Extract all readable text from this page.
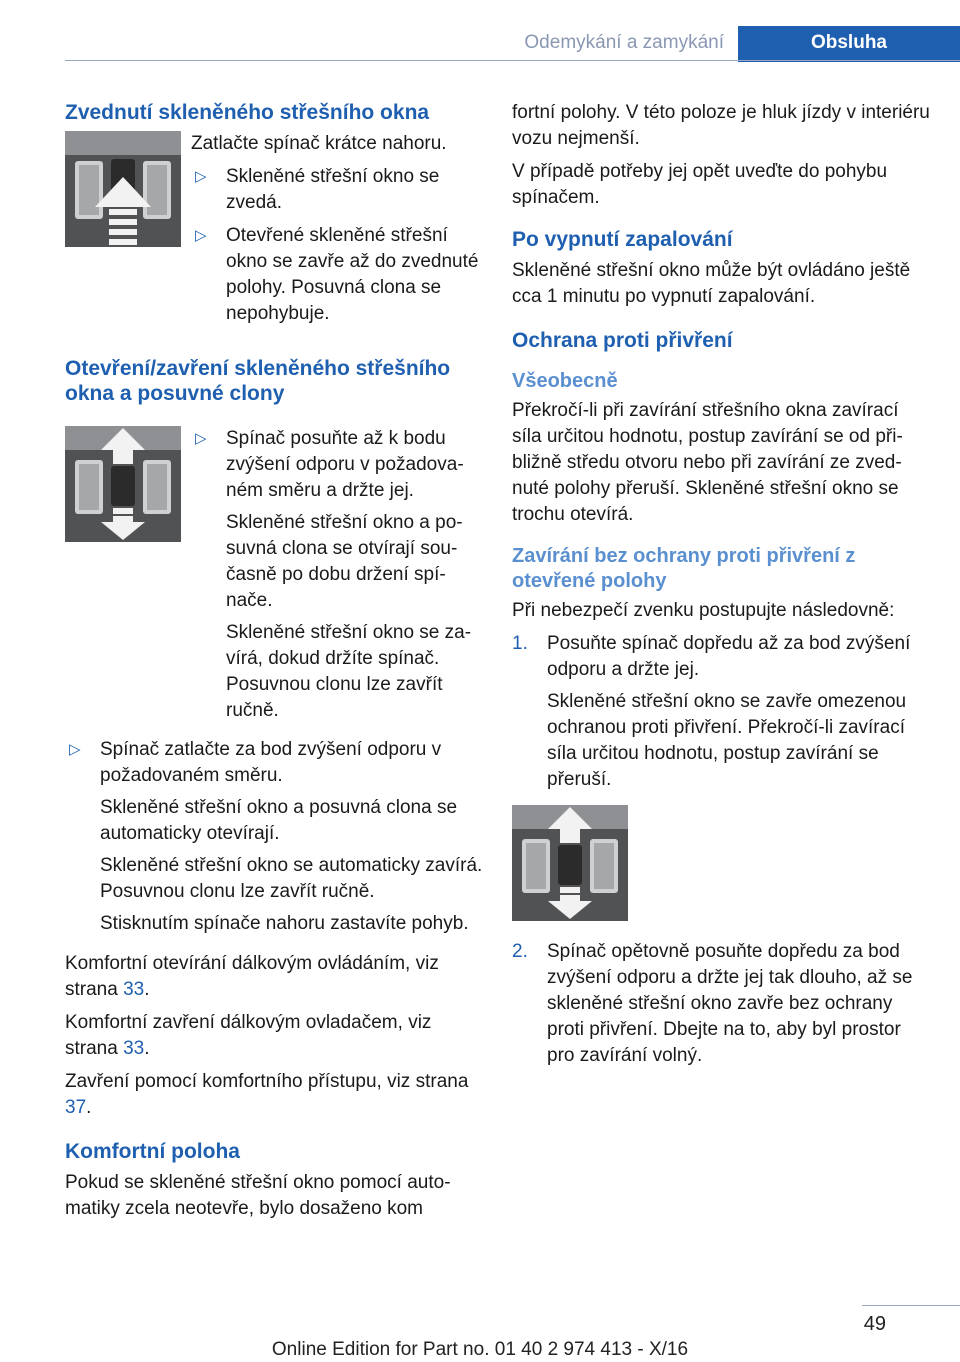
Odemykání a zamykání	Obsluha
Zvednutí skleněného střešního okna

Zatlačte spínač krátce nahoru.

▷ Skleněné střešní okno se zvedá.
▷ Otevřené skleněné střešní okno se zavře až do zvednuté polohy. Posuvná clona se nepohybuje.
Otevření/zavření skleněného střešního okna a posuvné clony
▷ Spínač posuňte až k bodu zvýšení odporu v požadovaném směru a držte jej.

Skleněné střešní okno a posuvná clona se otvírají současně po dobu držení spínače.

Skleněné střešní okno se zavírá, dokud držíte spínač. Posuvnou clonu lze zavřít ručně.

▷ Spínač zatlačte za bod zvýšení odporu v požadovaném směru.

Skleněné střešní okno a posuvná clona se automaticky otevírají.

Skleněné střešní okno se automaticky zavírá. Posuvnou clonu lze zavřít ručně.

Stisknutím spínače nahoru zastavíte pohyb.

Komfortní otevírání dálkovým ovládáním, viz strana 33.

Komfortní zavření dálkovým ovladačem, viz strana 33.

Zavření pomocí komfortního přístupu, viz strana 37.

Komfortní poloha

Pokud se skleněné střešní okno pomocí automatiky zcela neotevře, bylo dosaženo kom

fortní polohy. V této poloze je hluk jízdy v interiéru vozu nejmenší.

V případě potřeby jej opět uveďte do pohybu spínačem.

Po vypnutí zapalování

Skleněné střešní okno může být ovládáno ještě cca 1 minutu po vypnutí zapalování.

Ochrana proti přivření
Všeobecně

Překročí-li při zavírání střešního okna zavírací síla určitou hodnotu, postup zavírání se od přibližně středu otvoru nebo při zavírání ze zvednuté polohy přeruší. Skleněné střešní okno se trochu otevírá.

Zavírání bez ochrany proti přivření z otevřené polohy

Při nebezpečí zvenku postupujte následovně:

1. Posuňte spínač dopředu až za bod zvýšení odporu a držte jej.

Skleněné střešní okno se zavře omezenou ochranou proti přivření. Překročí-li zavírací síla určitou hodnotu, postup zavírání se přeruší.

2. Spínač opětovně posuňte dopředu za bod zvýšení odporu a držte jej tak dlouho, až se skleněné střešní okno zavře bez ochrany proti přivření. Dbejte na to, aby byl prostor pro zavírání volný.
49
Online Edition for Part no. 01 40 2 974 413 - X/16
